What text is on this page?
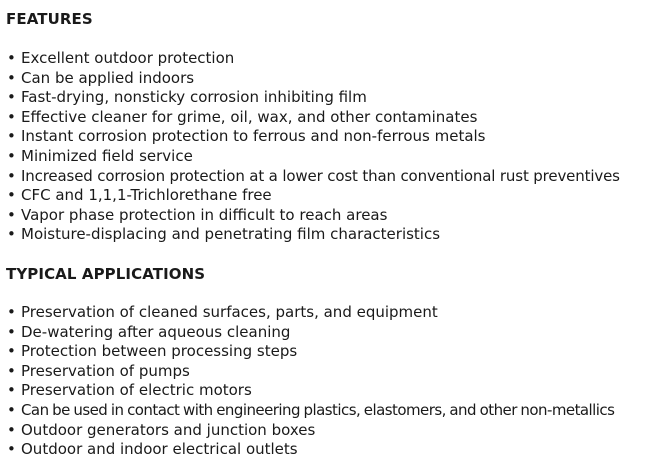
FEATURES
• Excellent outdoor protection
• Can be applied indoors
• Fast-drying, nonsticky corrosion inhibiting film
• Effective cleaner for grime, oil, wax, and other contaminates
• Instant corrosion protection to ferrous and non-ferrous metals
• Minimized field service
• Increased corrosion protection at a lower cost than conventional rust preventives
• CFC and 1,1,1-Trichlorethane free
• Vapor phase protection in difficult to reach areas
• Moisture-displacing and penetrating film characteristics
TYPICAL APPLICATIONS
• Preservation of cleaned surfaces, parts, and equipment
• De-watering after aqueous cleaning
• Protection between processing steps
• Preservation of pumps
• Preservation of electric motors
• Can be used in contact with engineering plastics, elastomers, and other non-metallics
• Outdoor generators and junction boxes
• Outdoor and indoor electrical outlets
